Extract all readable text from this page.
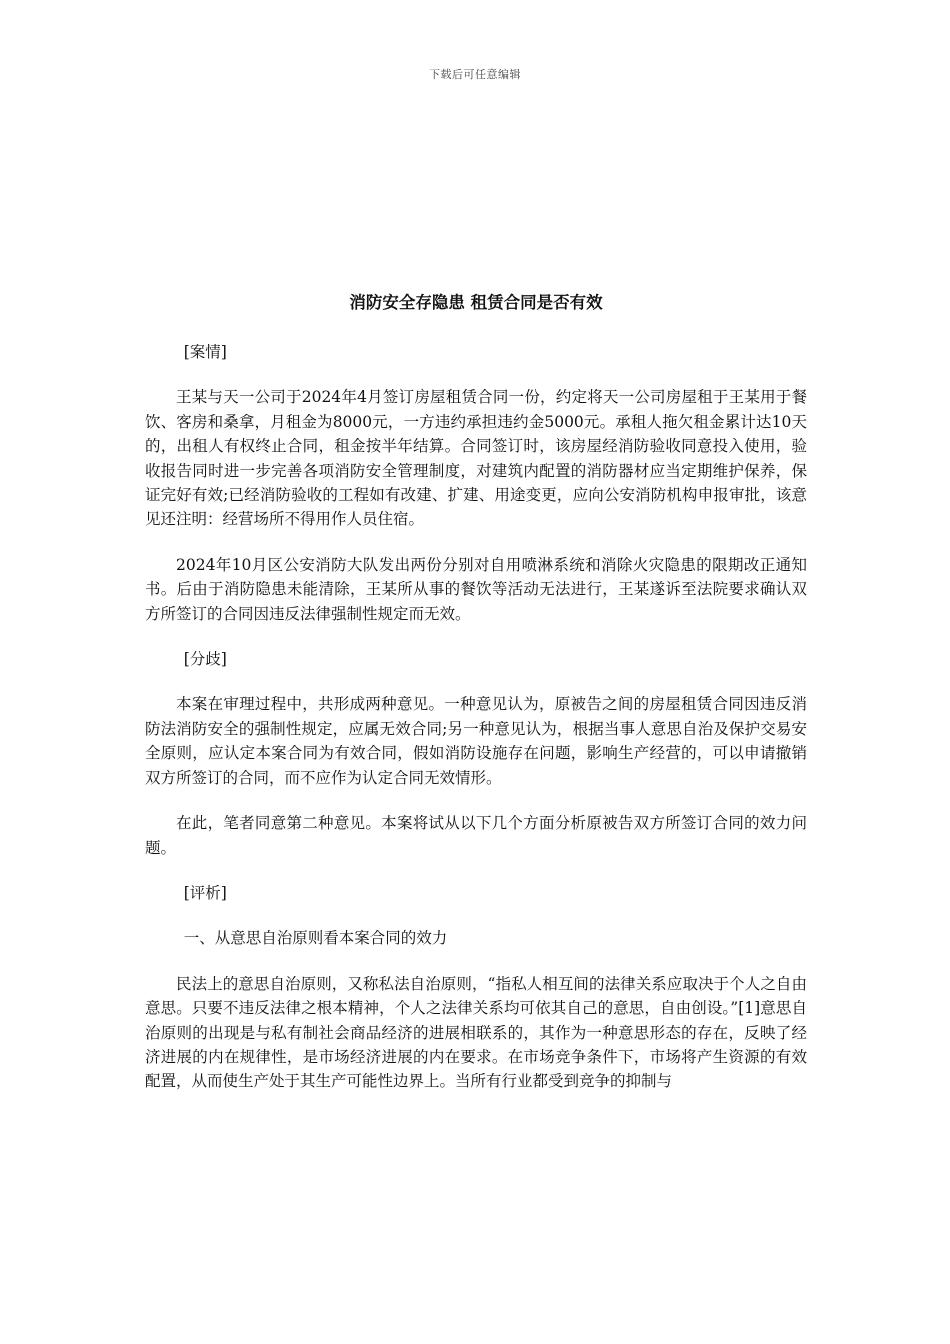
下载后可任意编辑
消防安全存隐患 租赁合同是否有效

[案情]

王某与天一公司于2024年4月签订房屋租赁合同一份，约定将天一公司房屋租于王某用于餐饮、客房和桑拿，月租金为8000元，一方违约承担违约金5000元。承租人拖欠租金累计达10天的，出租人有权终止合同，租金按半年结算。合同签订时，该房屋经消防验收同意投入使用，验收报告同时进一步完善各项消防安全管理制度，对建筑内配置的消防器材应当定期维护保养，保证完好有效;已经消防验收的工程如有改建、扩建、用途变更，应向公安消防机构申报审批，该意见还注明：经营场所不得用作人员住宿。

2024年10月区公安消防大队发出两份分别对自用喷淋系统和消除火灾隐患的限期改正通知书。后由于消防隐患未能清除，王某所从事的餐饮等活动无法进行，王某遂诉至法院要求确认双方所签订的合同因违反法律强制性规定而无效。

[分歧]

本案在审理过程中，共形成两种意见。一种意见认为，原被告之间的房屋租赁合同因违反消防法消防安全的强制性规定，应属无效合同;另一种意见认为，根据当事人意思自治及保护交易安全原则，应认定本案合同为有效合同，假如消防设施存在问题，影响生产经营的，可以申请撤销双方所签订的合同，而不应作为认定合同无效情形。

在此，笔者同意第二种意见。本案将试从以下几个方面分析原被告双方所签订合同的效力问题。

[评析]

一、从意思自治原则看本案合同的效力

民法上的意思自治原则，又称私法自治原则，“指私人相互间的法律关系应取决于个人之自由意思。只要不违反法律之根本精神，个人之法律关系均可依其自己的意思，自由创设。”[1]意思自治原则的出现是与私有制社会商品经济的进展相联系的，其作为一种意思形态的存在，反映了经济进展的内在规律性，是市场经济进展的内在要求。在市场竞争条件下，市场将产生资源的有效配置，从而使生产处于其生产可能性边界上。当所有行业都受到竞争的抑制与
